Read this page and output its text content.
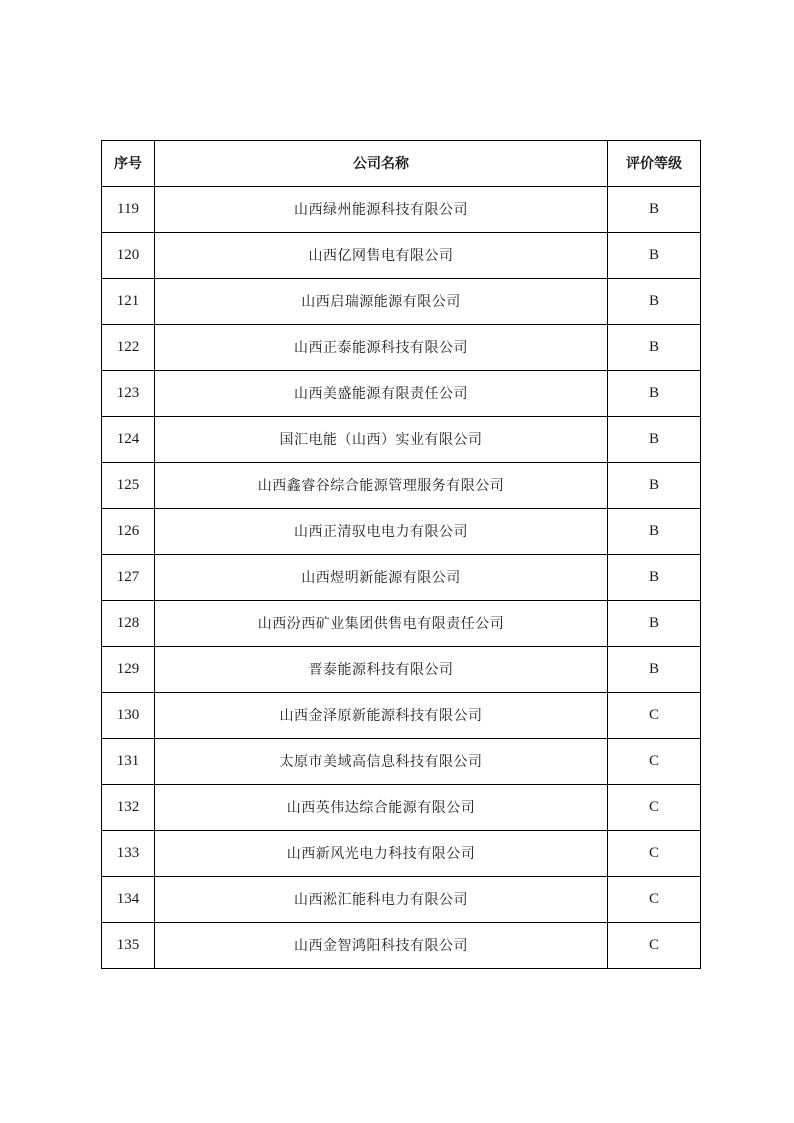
序号	公司名称	评价等级
119	山西绿州能源科技有限公司	B
120	山西亿网售电有限公司	B
121	山西启瑞源能源有限公司	B
122	山西正泰能源科技有限公司	B
123	山西美盛能源有限责任公司	B
124	国汇电能（山西）实业有限公司	B
125	山西鑫睿谷综合能源管理服务有限公司	B
126	山西正清驭电电力有限公司	B
127	山西煜明新能源有限公司	B
128	山西汾西矿业集团供售电有限责任公司	B
129	晋泰能源科技有限公司	B
130	山西金泽原新能源科技有限公司	C
131	太原市美域高信息科技有限公司	C
132	山西英伟达综合能源有限公司	C
133	山西新风光电力科技有限公司	C
134	山西淞汇能科电力有限公司	C
135	山西金智鸿阳科技有限公司	C
